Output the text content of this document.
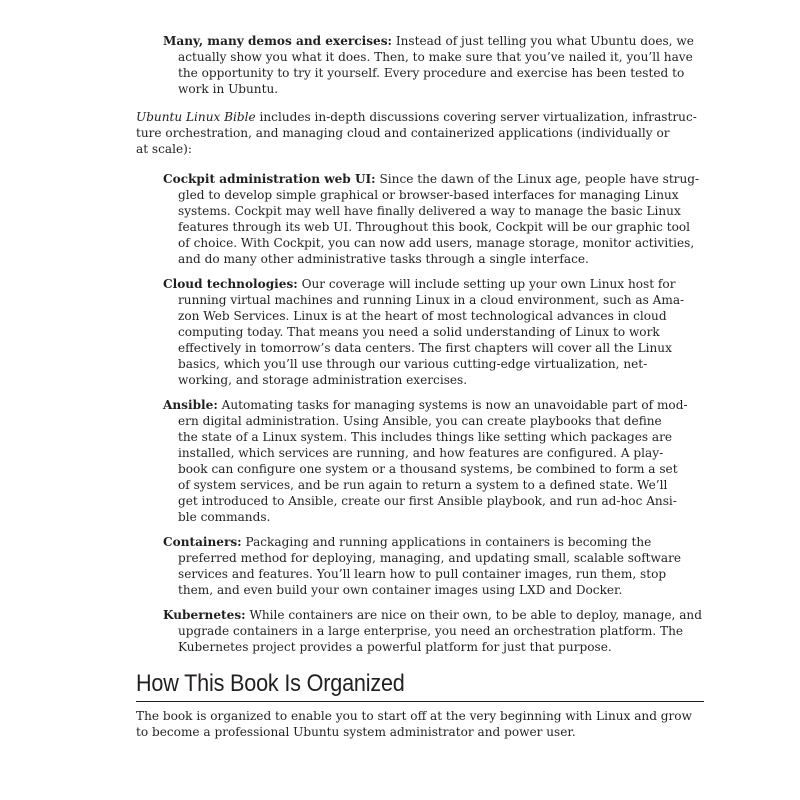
Many, many demos and exercises: Instead of just telling you what Ubuntu does, we
actually show you what it does. Then, to make sure that you’ve nailed it, you’ll have
the opportunity to try it yourself. Every procedure and exercise has been tested to
work in Ubuntu.
Ubuntu Linux Bible includes in-depth discussions covering server virtualization, infrastruc-
ture orchestration, and managing cloud and containerized applications (individually or
at scale):
Cockpit administration web UI: Since the dawn of the Linux age, people have strug-
gled to develop simple graphical or browser-based interfaces for managing Linux
systems. Cockpit may well have finally delivered a way to manage the basic Linux
features through its web UI. Throughout this book, Cockpit will be our graphic tool
of choice. With Cockpit, you can now add users, manage storage, monitor activities,
and do many other administrative tasks through a single interface.
Cloud technologies: Our coverage will include setting up your own Linux host for
running virtual machines and running Linux in a cloud environment, such as Ama-
zon Web Services. Linux is at the heart of most technological advances in cloud
computing today. That means you need a solid understanding of Linux to work
effectively in tomorrow’s data centers. The first chapters will cover all the Linux
basics, which you’ll use through our various cutting-edge virtualization, net-
working, and storage administration exercises.
Ansible: Automating tasks for managing systems is now an unavoidable part of mod-
ern digital administration. Using Ansible, you can create playbooks that define
the state of a Linux system. This includes things like setting which packages are
installed, which services are running, and how features are configured. A play-
book can configure one system or a thousand systems, be combined to form a set
of system services, and be run again to return a system to a defined state. We’ll
get introduced to Ansible, create our first Ansible playbook, and run ad-hoc Ansi-
ble commands.
Containers: Packaging and running applications in containers is becoming the
preferred method for deploying, managing, and updating small, scalable software
services and features. You’ll learn how to pull container images, run them, stop
them, and even build your own container images using LXD and Docker.
Kubernetes: While containers are nice on their own, to be able to deploy, manage, and
upgrade containers in a large enterprise, you need an orchestration platform. The
Kubernetes project provides a powerful platform for just that purpose.
How This Book Is Organized
The book is organized to enable you to start off at the very beginning with Linux and grow
to become a professional Ubuntu system administrator and power user.
